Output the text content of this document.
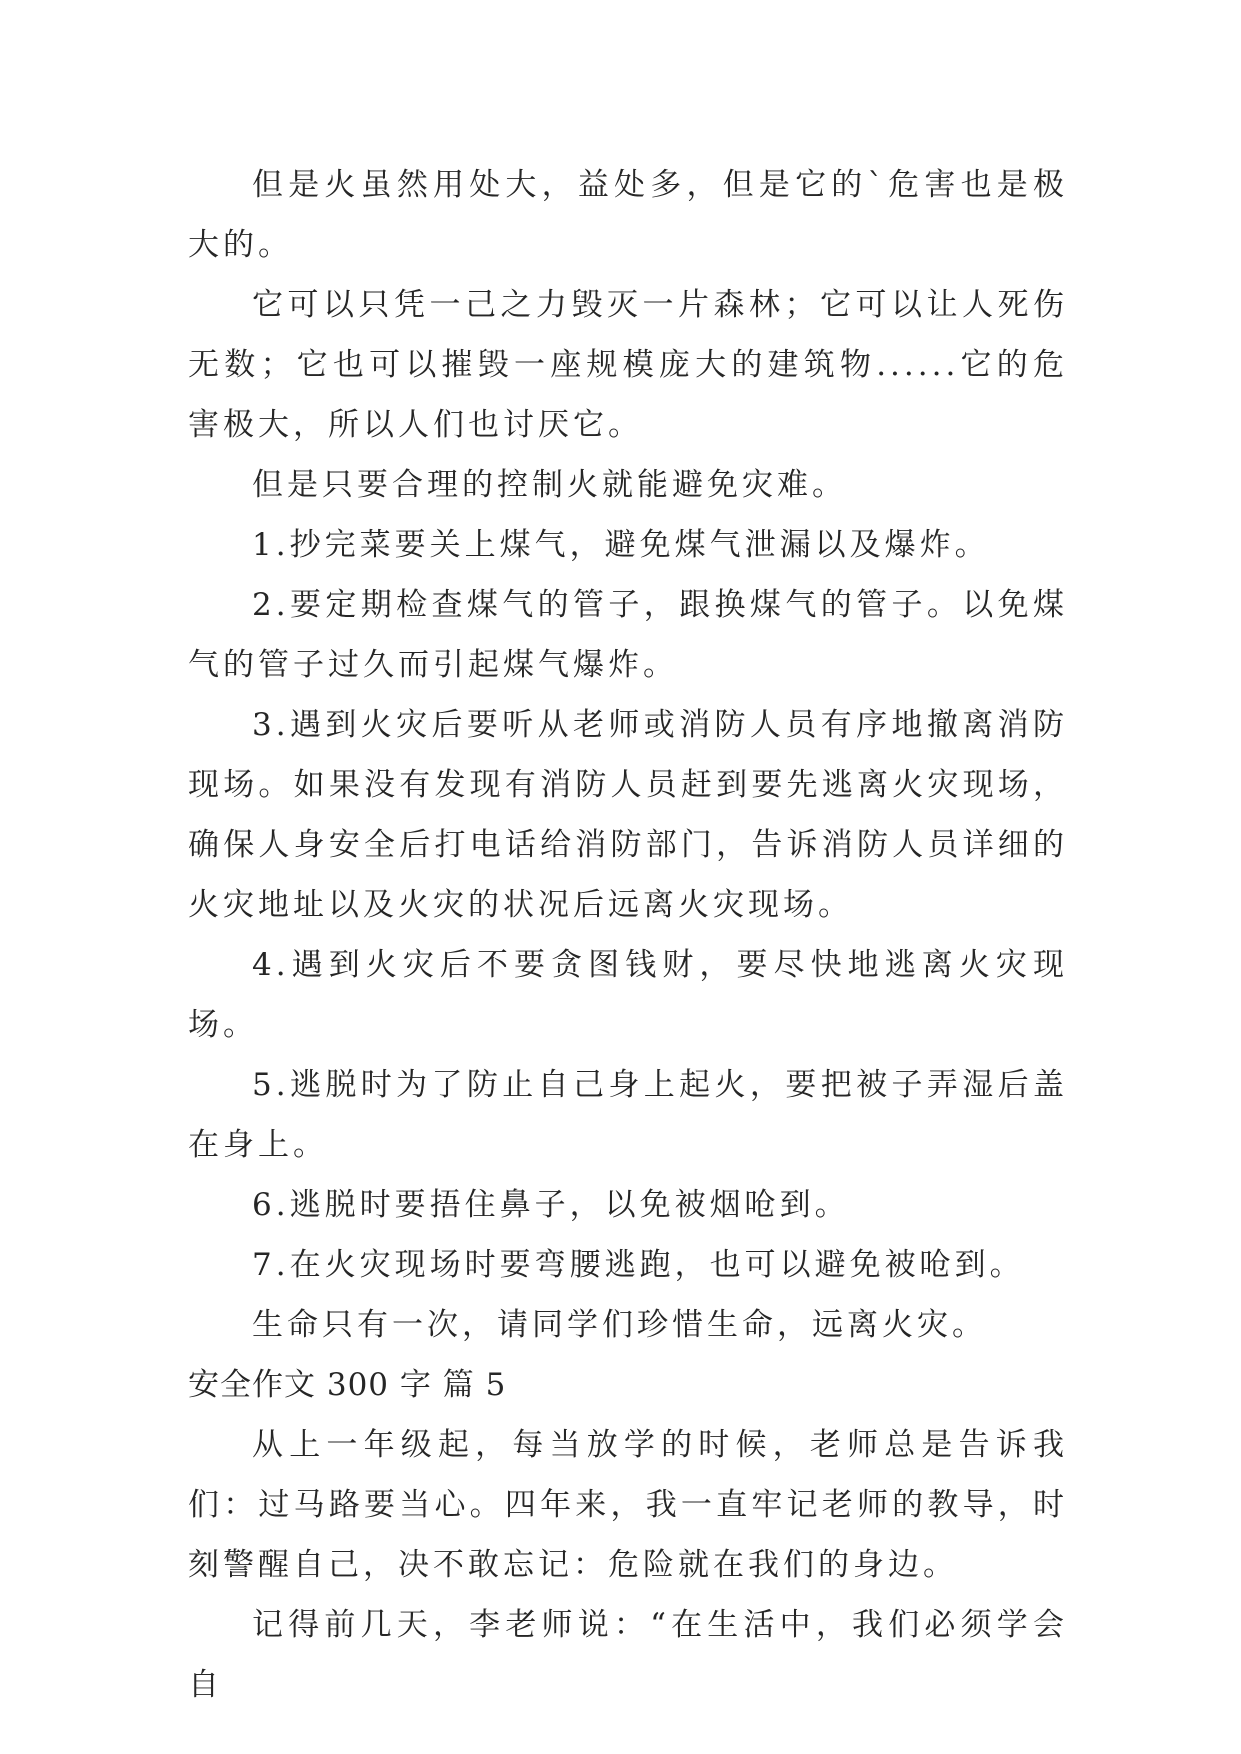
但是火虽然用处大，益处多，但是它的`危害也是极大的。

它可以只凭一己之力毁灭一片森林；它可以让人死伤无数；它也可以摧毁一座规模庞大的建筑物......它的危害极大，所以人们也讨厌它。

但是只要合理的控制火就能避免灾难。

1.抄完菜要关上煤气，避免煤气泄漏以及爆炸。

2.要定期检查煤气的管子，跟换煤气的管子。以免煤气的管子过久而引起煤气爆炸。

3.遇到火灾后要听从老师或消防人员有序地撤离消防现场。如果没有发现有消防人员赶到要先逃离火灾现场，确保人身安全后打电话给消防部门，告诉消防人员详细的火灾地址以及火灾的状况后远离火灾现场。

4.遇到火灾后不要贪图钱财，要尽快地逃离火灾现场。

5.逃脱时为了防止自己身上起火，要把被子弄湿后盖在身上。

6.逃脱时要捂住鼻子，以免被烟呛到。

7.在火灾现场时要弯腰逃跑，也可以避免被呛到。

生命只有一次，请同学们珍惜生命，远离火灾。

安全作文 300 字 篇 5

从上一年级起，每当放学的时候，老师总是告诉我们：过马路要当心。四年来，我一直牢记老师的教导，时刻警醒自己，决不敢忘记：危险就在我们的身边。

记得前几天，李老师说：“在生活中，我们必须学会自
